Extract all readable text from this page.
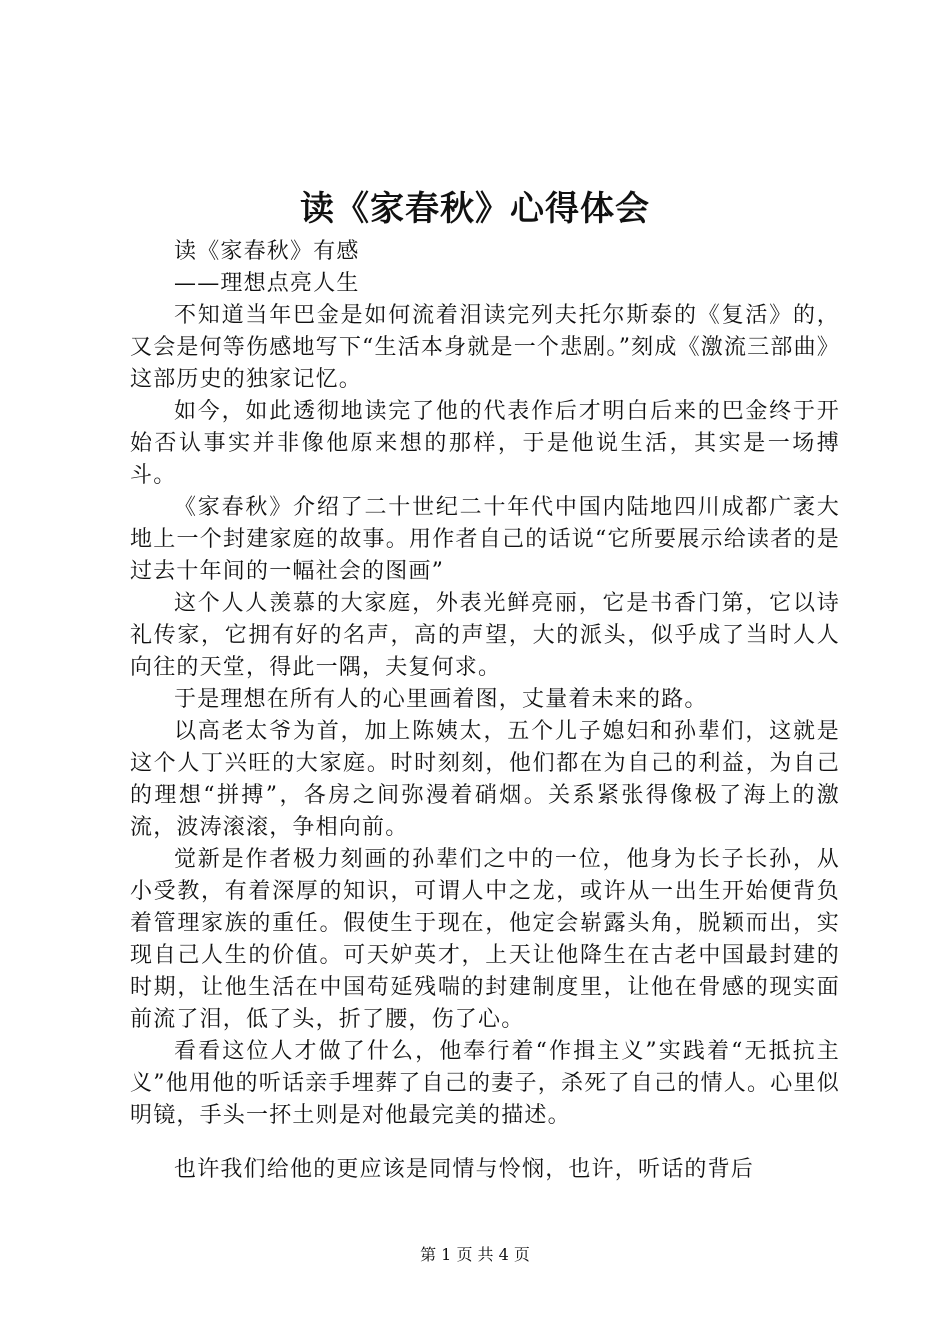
读《家春秋》心得体会

读《家春秋》有感

——理想点亮人生

不知道当年巴金是如何流着泪读完列夫托尔斯泰的《复活》的，又会是何等伤感地写下“生活本身就是一个悲剧。”刻成《激流三部曲》这部历史的独家记忆。

如今，如此透彻地读完了他的代表作后才明白后来的巴金终于开始否认事实并非像他原来想的那样，于是他说生活，其实是一场搏斗。

《家春秋》介绍了二十世纪二十年代中国内陆地四川成都广袤大地上一个封建家庭的故事。用作者自己的话说“它所要展示给读者的是过去十年间的一幅社会的图画”

这个人人羡慕的大家庭，外表光鲜亮丽，它是书香门第，它以诗礼传家，它拥有好的名声，高的声望，大的派头，似乎成了当时人人向往的天堂，得此一隅，夫复何求。

于是理想在所有人的心里画着图，丈量着未来的路。

以高老太爷为首，加上陈姨太，五个儿子媳妇和孙辈们，这就是这个人丁兴旺的大家庭。时时刻刻，他们都在为自己的利益，为自己的理想“拼搏”，各房之间弥漫着硝烟。关系紧张得像极了海上的激流，波涛滚滚，争相向前。

觉新是作者极力刻画的孙辈们之中的一位，他身为长子长孙，从小受教，有着深厚的知识，可谓人中之龙，或许从一出生开始便背负着管理家族的重任。假使生于现在，他定会崭露头角，脱颖而出，实现自己人生的价值。可天妒英才，上天让他降生在古老中国最封建的时期，让他生活在中国苟延残喘的封建制度里，让他在骨感的现实面前流了泪，低了头，折了腰，伤了心。

看看这位人才做了什么，他奉行着“作揖主义”实践着“无抵抗主义”他用他的听话亲手埋葬了自己的妻子，杀死了自己的情人。心里似明镜，手头一抔土则是对他最完美的描述。

也许我们给他的更应该是同情与怜悯，也许，听话的背后

第 1 页 共 4 页
